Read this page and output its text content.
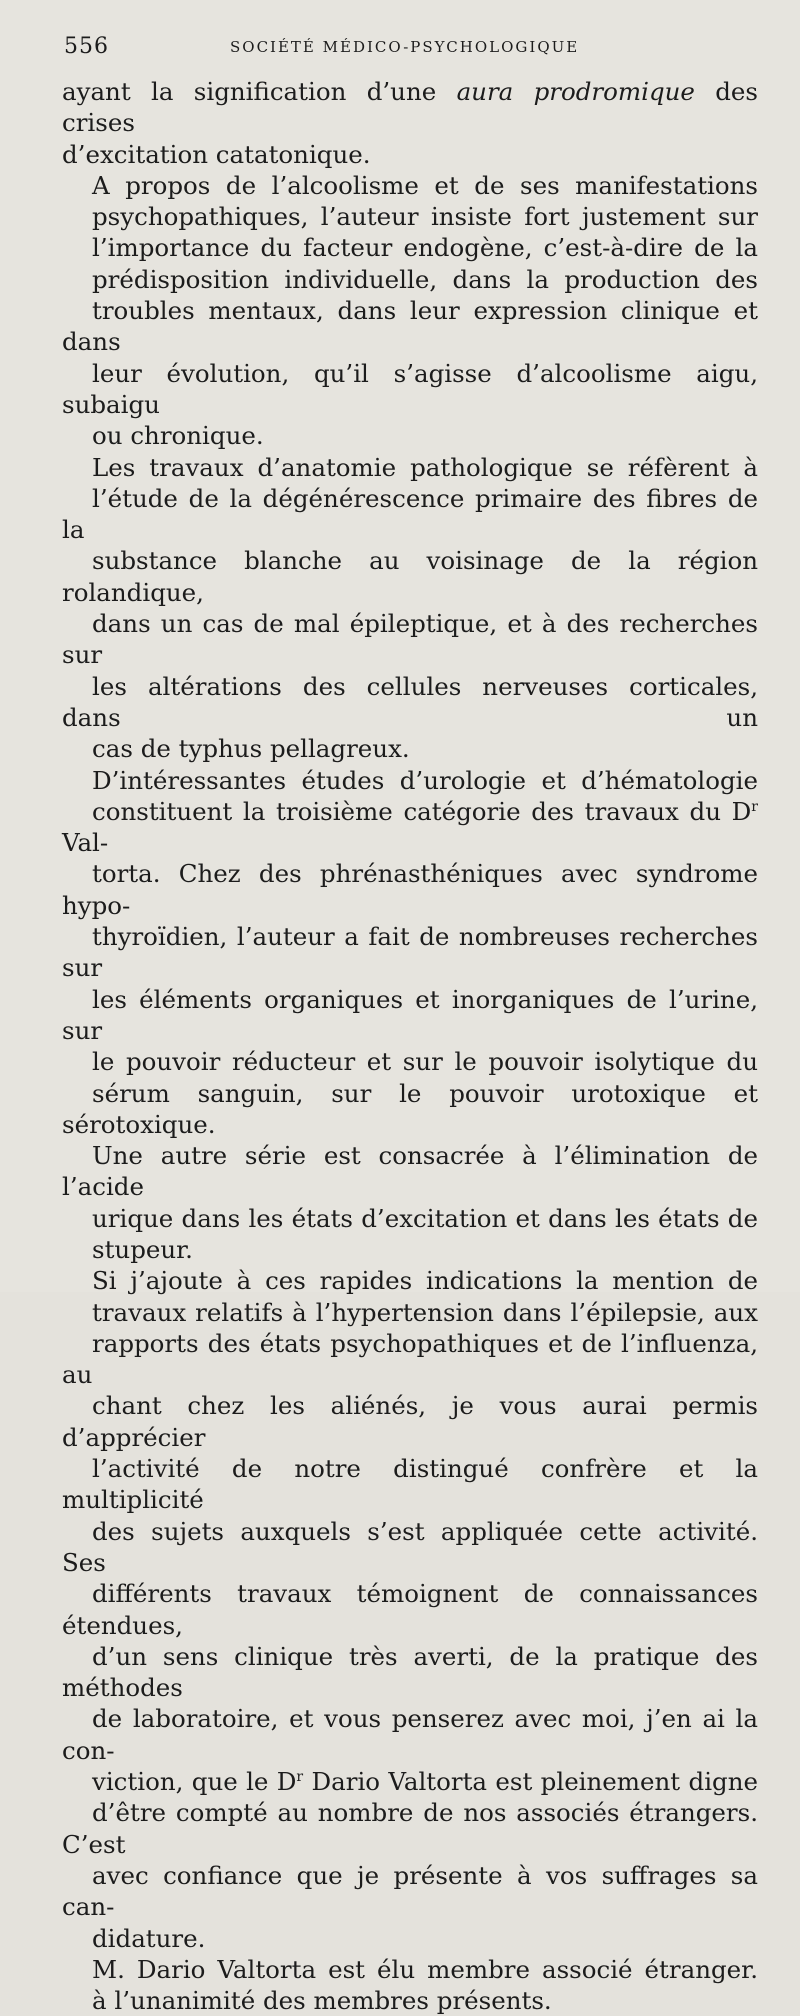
556	SOCIÉTÉ MÉDICO-PSYCHOLOGIQUE

ayant la signification d’une aura prodromique des crises
d’excitation catatonique.

A propos de l’alcoolisme et de ses manifestations
psychopathiques, l’auteur insiste fort justement sur
l’importance du facteur endogène, c’est-à-dire de la
prédisposition individuelle, dans la production des
troubles mentaux, dans leur expression clinique et dans
leur évolution, qu’il s’agisse d’alcoolisme aigu, subaigu
ou chronique.

Les travaux d’anatomie pathologique se réfèrent à
l’étude de la dégénérescence primaire des fibres de la
substance blanche au voisinage de la région rolandique,
dans un cas de mal épileptique, et à des recherches sur
les altérations des cellules nerveuses corticales, dans un
cas de typhus pellagreux.

D’intéressantes études d’urologie et d’hématologie
constituent la troisième catégorie des travaux du $D^r$ Val-
torta. Chez des phrénasthéniques avec syndrome hypo-
thyroïdien, l’auteur a fait de nombreuses recherches sur
les éléments organiques et inorganiques de l’urine, sur
le pouvoir réducteur et sur le pouvoir isolytique du
sérum sanguin, sur le pouvoir urotoxique et sérotoxique.
Une autre série est consacrée à l’élimination de l’acide
urique dans les états d’excitation et dans les états de
stupeur.

Si j’ajoute à ces rapides indications la mention de
travaux relatifs à l’hypertension dans l’épilepsie, aux
rapports des états psychopathiques et de l’influenza, au
chant chez les aliénés, je vous aurai permis d’apprécier
l’activité de notre distingué confrère et la multiplicité
des sujets auxquels s’est appliquée cette activité. Ses
différents travaux témoignent de connaissances étendues,
d’un sens clinique très averti, de la pratique des méthodes
de laboratoire, et vous penserez avec moi, j’en ai la con-
viction, que le $D^r$ Dario Valtorta est pleinement digne
d’être compté au nombre de nos associés étrangers. C’est
avec confiance que je présente à vos suffrages sa can-
didature.

M. Dario Valtorta est élu membre associé étranger.
à l’unanimité des membres présents.
